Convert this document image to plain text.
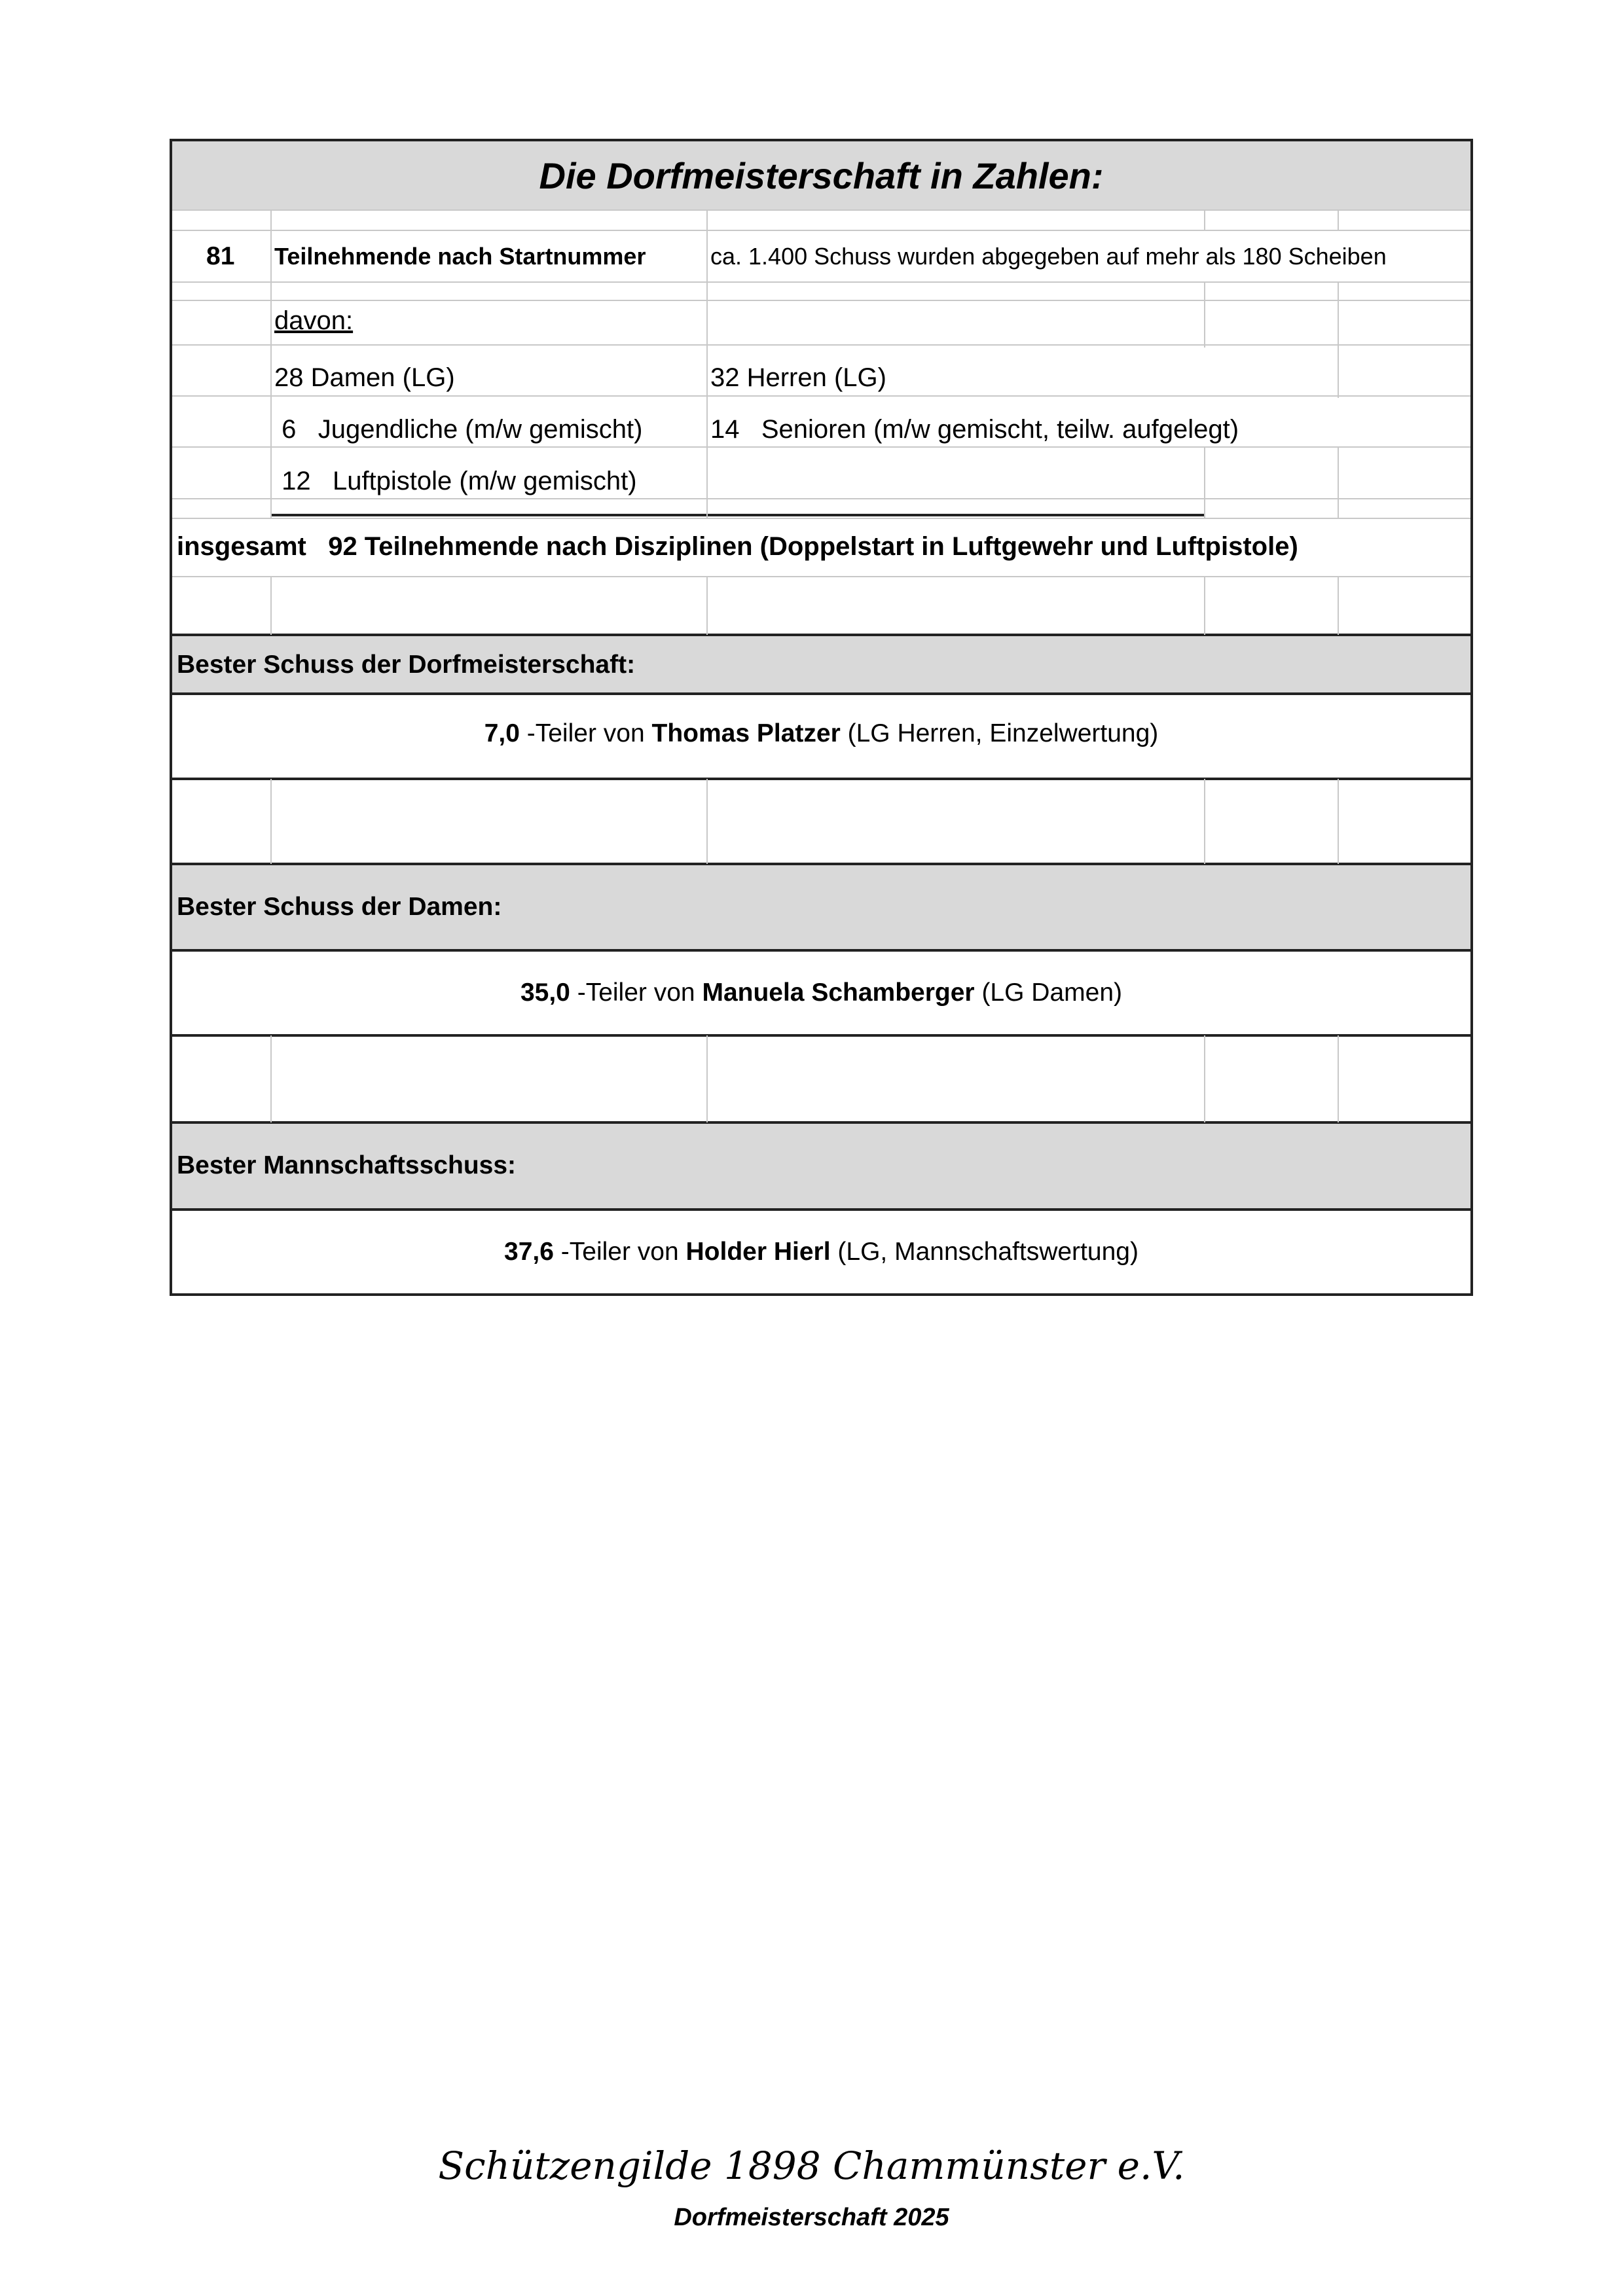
Die Dorfmeisterschaft in Zahlen:
81 Teilnehmende nach Startnummer	ca. 1.400 Schuss wurden abgegeben auf mehr als 180 Scheiben
davon:
28 Damen (LG)	32 Herren (LG)
6   Jugendliche (m/w gemischt)	14   Senioren (m/w gemischt, teilw. aufgelegt)
12   Luftpistole (m/w gemischt)
insgesamt 92 Teilnehmende nach Disziplinen (Doppelstart in Luftgewehr und Luftpistole)
Bester Schuss der Dorfmeisterschaft:
7,0 -Teiler von Thomas Platzer (LG Herren, Einzelwertung)
Bester Schuss der Damen:
35,0 -Teiler von Manuela Schamberger (LG Damen)
Bester Mannschaftsschuss:
37,6 -Teiler von Holder Hierl (LG, Mannschaftswertung)
Schützengilde 1898 Chammünster e.V.
Dorfmeisterschaft 2025
